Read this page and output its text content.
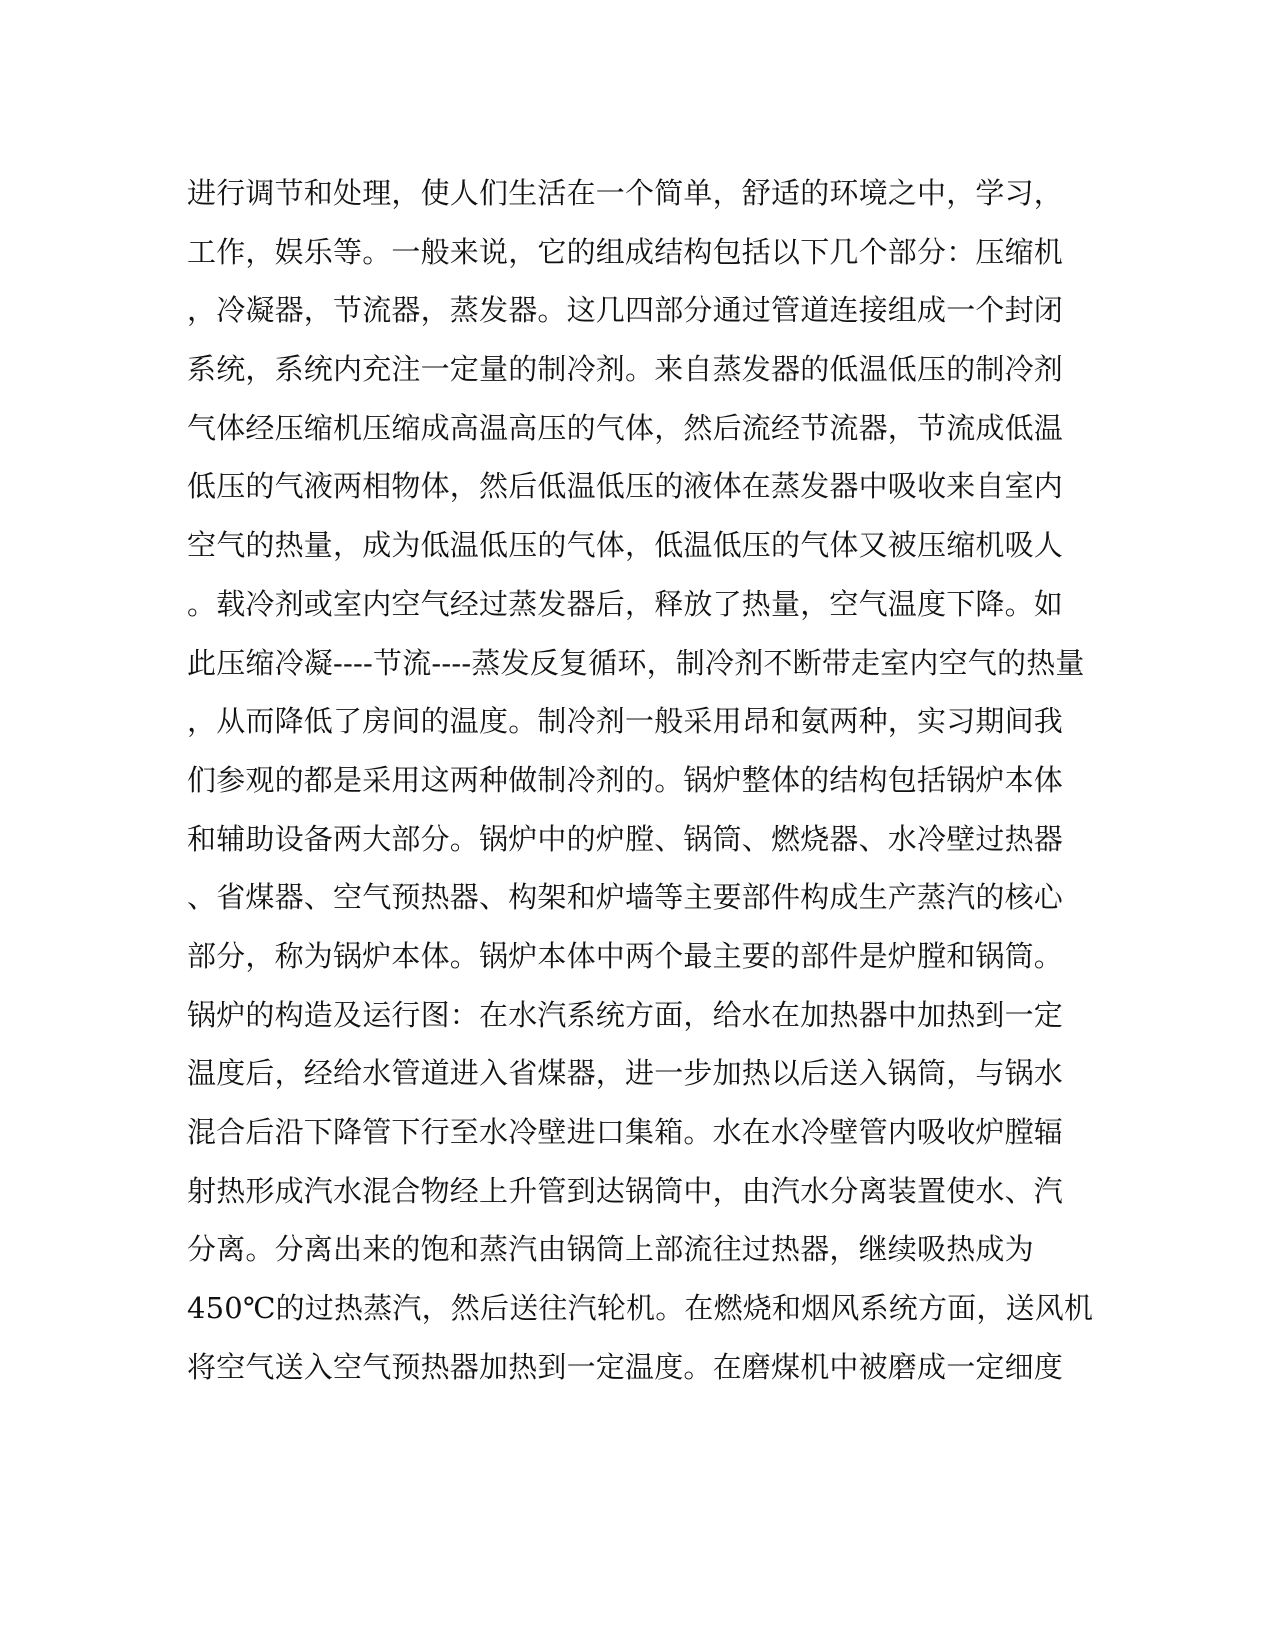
进行调节和处理，使人们生活在一个简单，舒适的环境之中，学习，
工作，娱乐等。一般来说，它的组成结构包括以下几个部分：压缩机
，冷凝器，节流器，蒸发器。这几四部分通过管道连接组成一个封闭
系统，系统内充注一定量的制冷剂。来自蒸发器的低温低压的制冷剂
气体经压缩机压缩成高温高压的气体，然后流经节流器，节流成低温
低压的气液两相物体，然后低温低压的液体在蒸发器中吸收来自室内
空气的热量，成为低温低压的气体，低温低压的气体又被压缩机吸人
。载冷剂或室内空气经过蒸发器后，释放了热量，空气温度下降。如
此压缩冷凝----节流----蒸发反复循环，制冷剂不断带走室内空气的热量
，从而降低了房间的温度。制冷剂一般采用昂和氨两种，实习期间我
们参观的都是采用这两种做制冷剂的。锅炉整体的结构包括锅炉本体
和辅助设备两大部分。锅炉中的炉膛、锅筒、燃烧器、水冷壁过热器
、省煤器、空气预热器、构架和炉墙等主要部件构成生产蒸汽的核心
部分，称为锅炉本体。锅炉本体中两个最主要的部件是炉膛和锅筒。
锅炉的构造及运行图：在水汽系统方面，给水在加热器中加热到一定
温度后，经给水管道进入省煤器，进一步加热以后送入锅筒，与锅水
混合后沿下降管下行至水冷壁进口集箱。水在水冷壁管内吸收炉膛辐
射热形成汽水混合物经上升管到达锅筒中，由汽水分离装置使水、汽
分离。分离出来的饱和蒸汽由锅筒上部流往过热器，继续吸热成为
450℃的过热蒸汽，然后送往汽轮机。在燃烧和烟风系统方面，送风机
将空气送入空气预热器加热到一定温度。在磨煤机中被磨成一定细度
